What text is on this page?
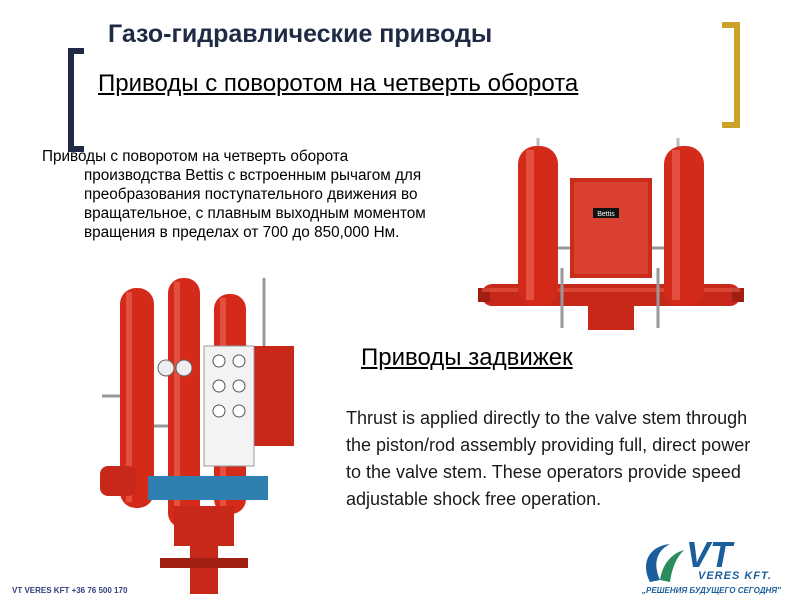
Газо-гидравлические приводы
Приводы с поворотом на четверть оборота
Приводы с поворотом на четверть оборота
производства Bettis с встроенным рычагом для преобразования поступательного движения во вращательное, с плавным выходным моментом вращения в пределах от 700 до 850,000 Нм.
Bettis
Приводы задвижек
Thrust is applied directly to the valve stem through the piston/rod assembly providing full, direct power to the valve stem. These operators provide speed adjustable shock free operation.
VT VERES KFT +36 76 500 170
VT
VERES KFT.
„РЕШЕНИЯ БУДУЩЕГО СЕГОДНЯ"
